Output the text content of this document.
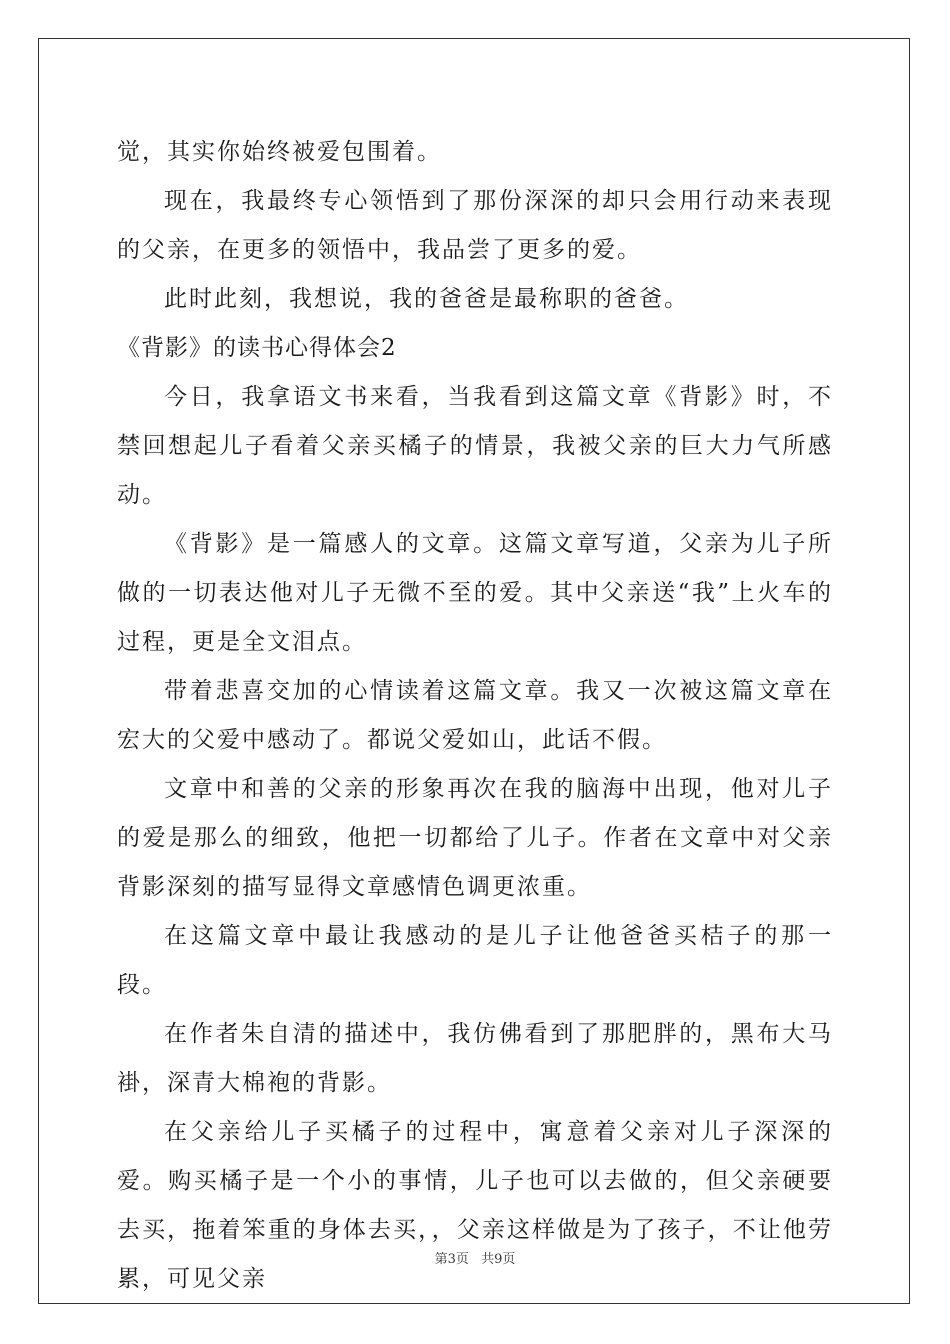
觉，其实你始终被爱包围着。

现在，我最终专心领悟到了那份深深的却只会用行动来表现的父亲，在更多的领悟中，我品尝了更多的爱。

此时此刻，我想说，我的爸爸是最称职的爸爸。

《背影》的读书心得体会2

今日，我拿语文书来看，当我看到这篇文章《背影》时，不禁回想起儿子看着父亲买橘子的情景，我被父亲的巨大力气所感动。

《背影》是一篇感人的文章。这篇文章写道，父亲为儿子所做的一切表达他对儿子无微不至的爱。其中父亲送“我”上火车的过程，更是全文泪点。

带着悲喜交加的心情读着这篇文章。我又一次被这篇文章在宏大的父爱中感动了。都说父爱如山，此话不假。

文章中和善的父亲的形象再次在我的脑海中出现，他对儿子的爱是那么的细致，他把一切都给了儿子。作者在文章中对父亲背影深刻的描写显得文章感情色调更浓重。

在这篇文章中最让我感动的是儿子让他爸爸买桔子的那一段。

在作者朱自清的描述中，我仿佛看到了那肥胖的，黑布大马褂，深青大棉袍的背影。

在父亲给儿子买橘子的过程中，寓意着父亲对儿子深深的爱。购买橘子是一个小的事情，儿子也可以去做的，但父亲硬要去买，拖着笨重的身体去买，，父亲这样做是为了孩子，不让他劳累，可见父亲

第3页 共9页
